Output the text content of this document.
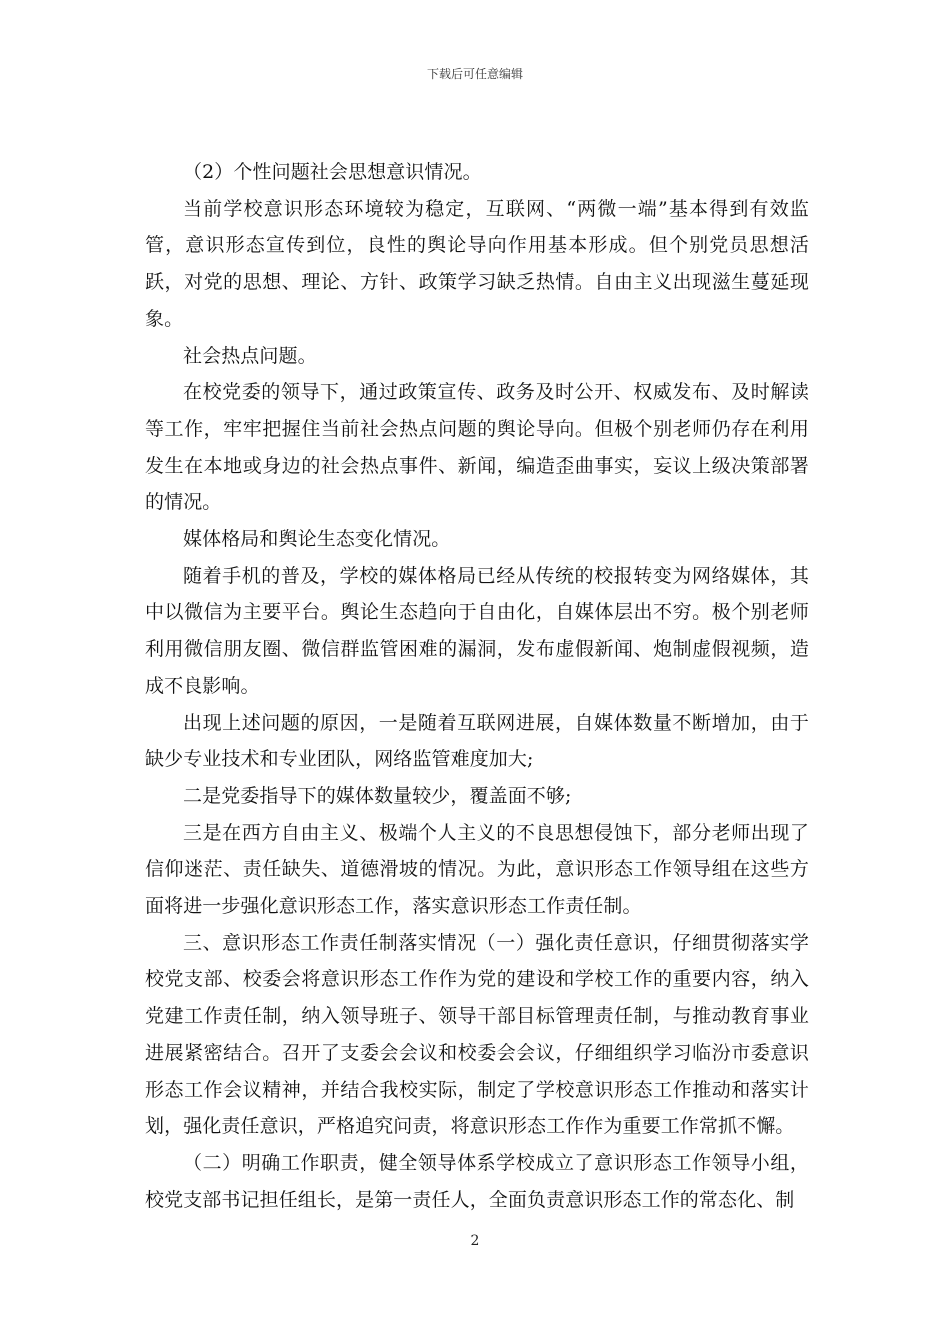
下载后可任意编辑

（2）个性问题社会思想意识情况。

当前学校意识形态环境较为稳定，互联网、“两微一端”基本得到有效监管，意识形态宣传到位，良性的舆论导向作用基本形成。但个别党员思想活跃，对党的思想、理论、方针、政策学习缺乏热情。自由主义出现滋生蔓延现象。

社会热点问题。

在校党委的领导下，通过政策宣传、政务及时公开、权威发布、及时解读等工作，牢牢把握住当前社会热点问题的舆论导向。但极个别老师仍存在利用发生在本地或身边的社会热点事件、新闻，编造歪曲事实，妄议上级决策部署的情况。

媒体格局和舆论生态变化情况。

随着手机的普及，学校的媒体格局已经从传统的校报转变为网络媒体，其中以微信为主要平台。舆论生态趋向于自由化，自媒体层出不穷。极个别老师利用微信朋友圈、微信群监管困难的漏洞，发布虚假新闻、炮制虚假视频，造成不良影响。

出现上述问题的原因，一是随着互联网进展，自媒体数量不断增加，由于缺少专业技术和专业团队，网络监管难度加大;

二是党委指导下的媒体数量较少，覆盖面不够;

三是在西方自由主义、极端个人主义的不良思想侵蚀下，部分老师出现了信仰迷茫、责任缺失、道德滑坡的情况。为此，意识形态工作领导组在这些方面将进一步强化意识形态工作，落实意识形态工作责任制。

三、意识形态工作责任制落实情况（一）强化责任意识，仔细贯彻落实学校党支部、校委会将意识形态工作作为党的建设和学校工作的重要内容，纳入党建工作责任制，纳入领导班子、领导干部目标管理责任制，与推动教育事业进展紧密结合。召开了支委会会议和校委会会议，仔细组织学习临汾市委意识形态工作会议精神，并结合我校实际，制定了学校意识形态工作推动和落实计划，强化责任意识，严格追究问责，将意识形态工作作为重要工作常抓不懈。

（二）明确工作职责，健全领导体系学校成立了意识形态工作领导小组，校党支部书记担任组长，是第一责任人，全面负责意识形态工作的常态化、制

2
